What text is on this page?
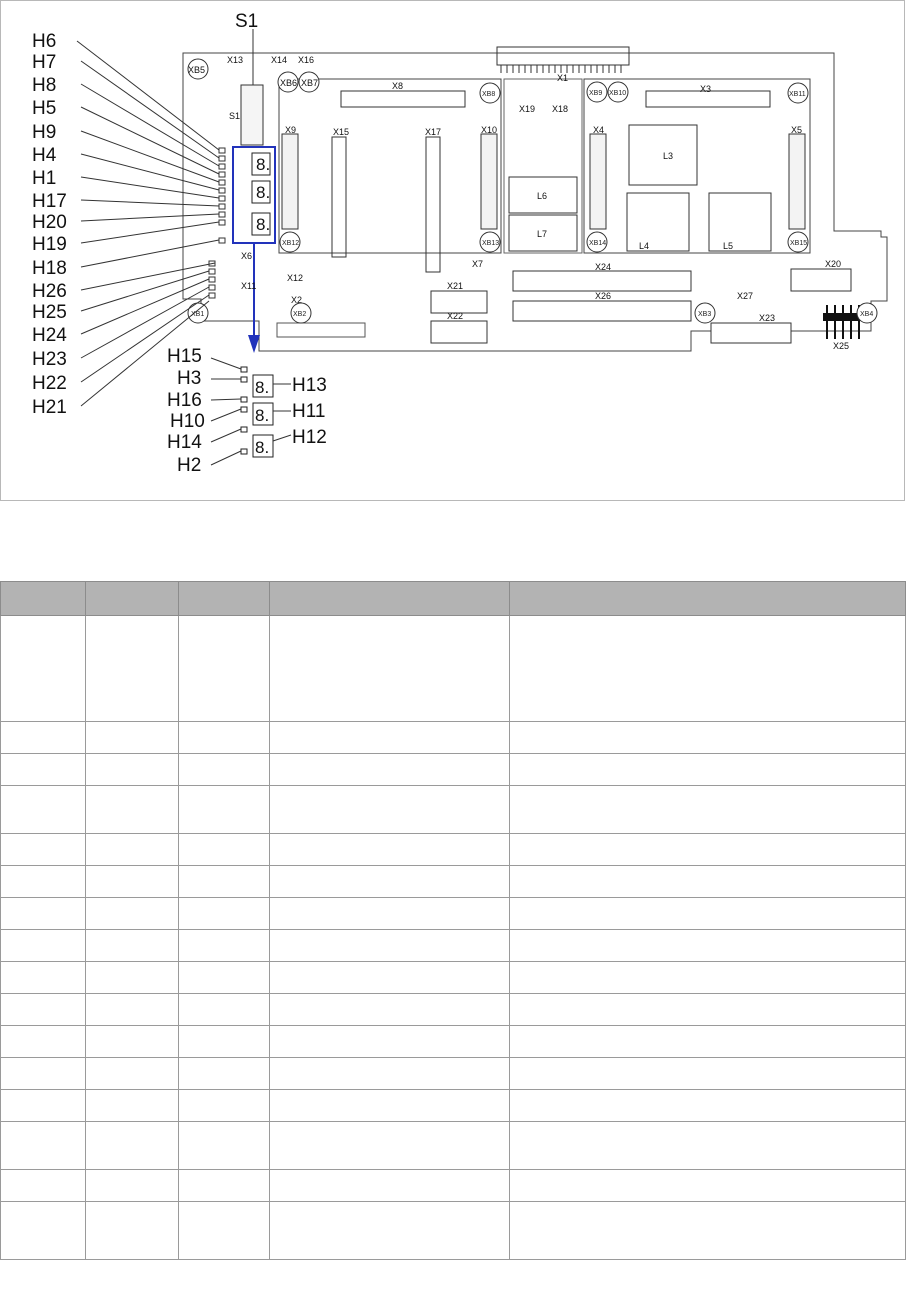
8.
8.
8.
8.
8.
8.
S1
H6
H7
H8
H5
H9
H4
H1
H17
H20
H19
H18
H26
H25
H24
H23
H22
H21
H15
H3
H16
H10
H14
H2
H13
H11
H12
XB5
X13	X14 X16
XB6 XB7	X8
XB8
X1
X19 X18
XB9 XB10	X3
XB11
X9	X15	X17	X10	X4	X5
L3
L6
L7
L4	L5
XB12	XB13	XB14	XB15
X7
X6
X11
X2
X12
X24	X20
X21
X26	X27
X22	X23
X25
XB1	XB2	XB3	XB4
S1
